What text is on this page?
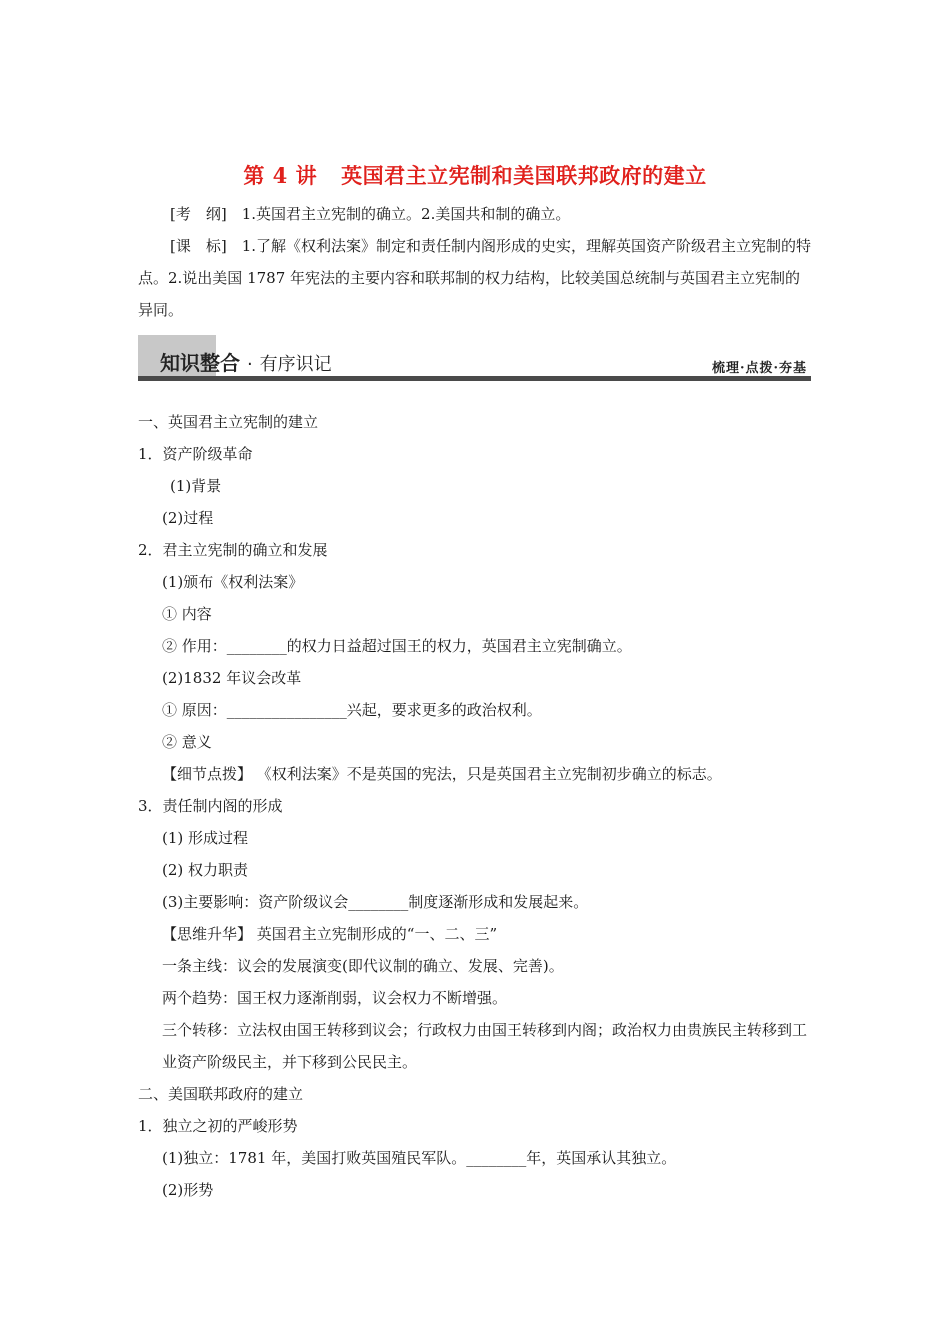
第 4 讲 英国君主立宪制和美国联邦政府的建立

[考　纲]　 1.英国君主立宪制的确立。2.美国共和制的确立。

[课　标]　 1.了解《权利法案》制定和责任制内阁形成的史实，理解英国资产阶级君主立宪制的特点。2.说出美国 1787 年宪法的主要内容和联邦制的权力结构，比较美国总统制与英国君主立宪制的异同。

知识整合 · 有序识记	梳理·点拨·夯基
一、英国君主立宪制的建立
1．资产阶级革命
(1)背景
(2)过程
2．君主立宪制的确立和发展
(1)颁布《权利法案》
① 内容
② 作用：________的权力日益超过国王的权力，英国君主立宪制确立。
(2)1832 年议会改革
① 原因：________________兴起，要求更多的政治权利。
② 意义
【细节点拨】 《权利法案》不是英国的宪法，只是英国君主立宪制初步确立的标志。
3．责任制内阁的形成
(1) 形成过程
(2) 权力职责
(3)主要影响：资产阶级议会________制度逐渐形成和发展起来。
【思维升华】 英国君主立宪制形成的“一、二、三”
一条主线：议会的发展演变(即代议制的确立、发展、完善)。
两个趋势：国王权力逐渐削弱，议会权力不断增强。
三个转移：立法权由国王转移到议会；行政权力由国王转移到内阁；政治权力由贵族民主转移到工业资产阶级民主，并下移到公民民主。
二、美国联邦政府的建立
1．独立之初的严峻形势
(1)独立：1781 年，美国打败英国殖民军队。________年，英国承认其独立。
(2)形势
